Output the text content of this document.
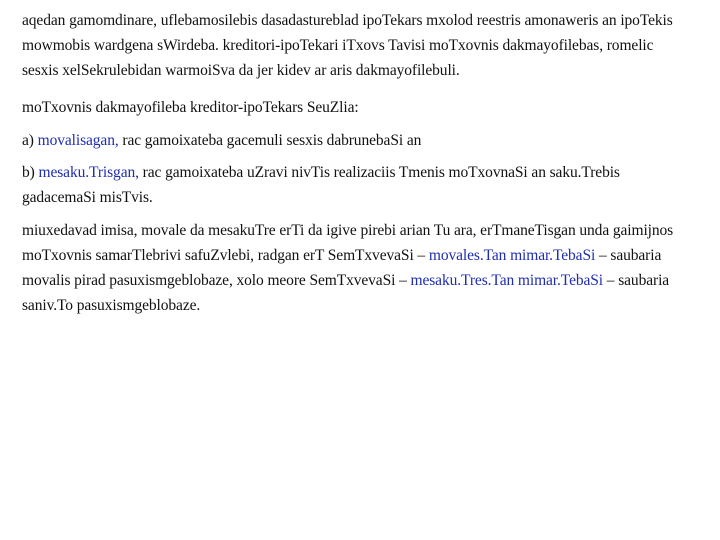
aqedan gamomdinare, uflebamosilebis dasadastureblad ipoTekars mxolod reestris amonaweris an ipoTekis mowmobis wardgena sWirdeba. kreditori-ipoTekari iTxovs Tavisi moTxovnis dakmayofilebas, romelic sesxis xelSekrulebidan warmoiSva da jer kidev ar aris dakmayofilebuli.

moTxovnis dakmayofileba kreditor-ipoTekars SeuZlia:

a) movalisagan, rac gamoixateba gacemuli sesxis dabrunebaSi an

b) mesaku.Trisgan, rac gamoixateba uZravi nivTis realizaciis Tmenis moTxovnaSi an saku.Trebis gadacemaSi misTvis.

miuxedavad imisa, movale da mesakuTre erTi da igive pirebi arian Tu ara, erTmaneTisgan unda gaimijnos moTxovnis samarTlebrivi safuZvlebi, radgan erT SemTxvevaSi – movales.Tan mimar.TebaSi – saubaria movalis pirad pasuxismgeblobaze, xolo meore SemTxvevaSi – mesaku.Tres.Tan mimar.TebaSi – saubaria saniv.To pasuxismgeblobaze.
